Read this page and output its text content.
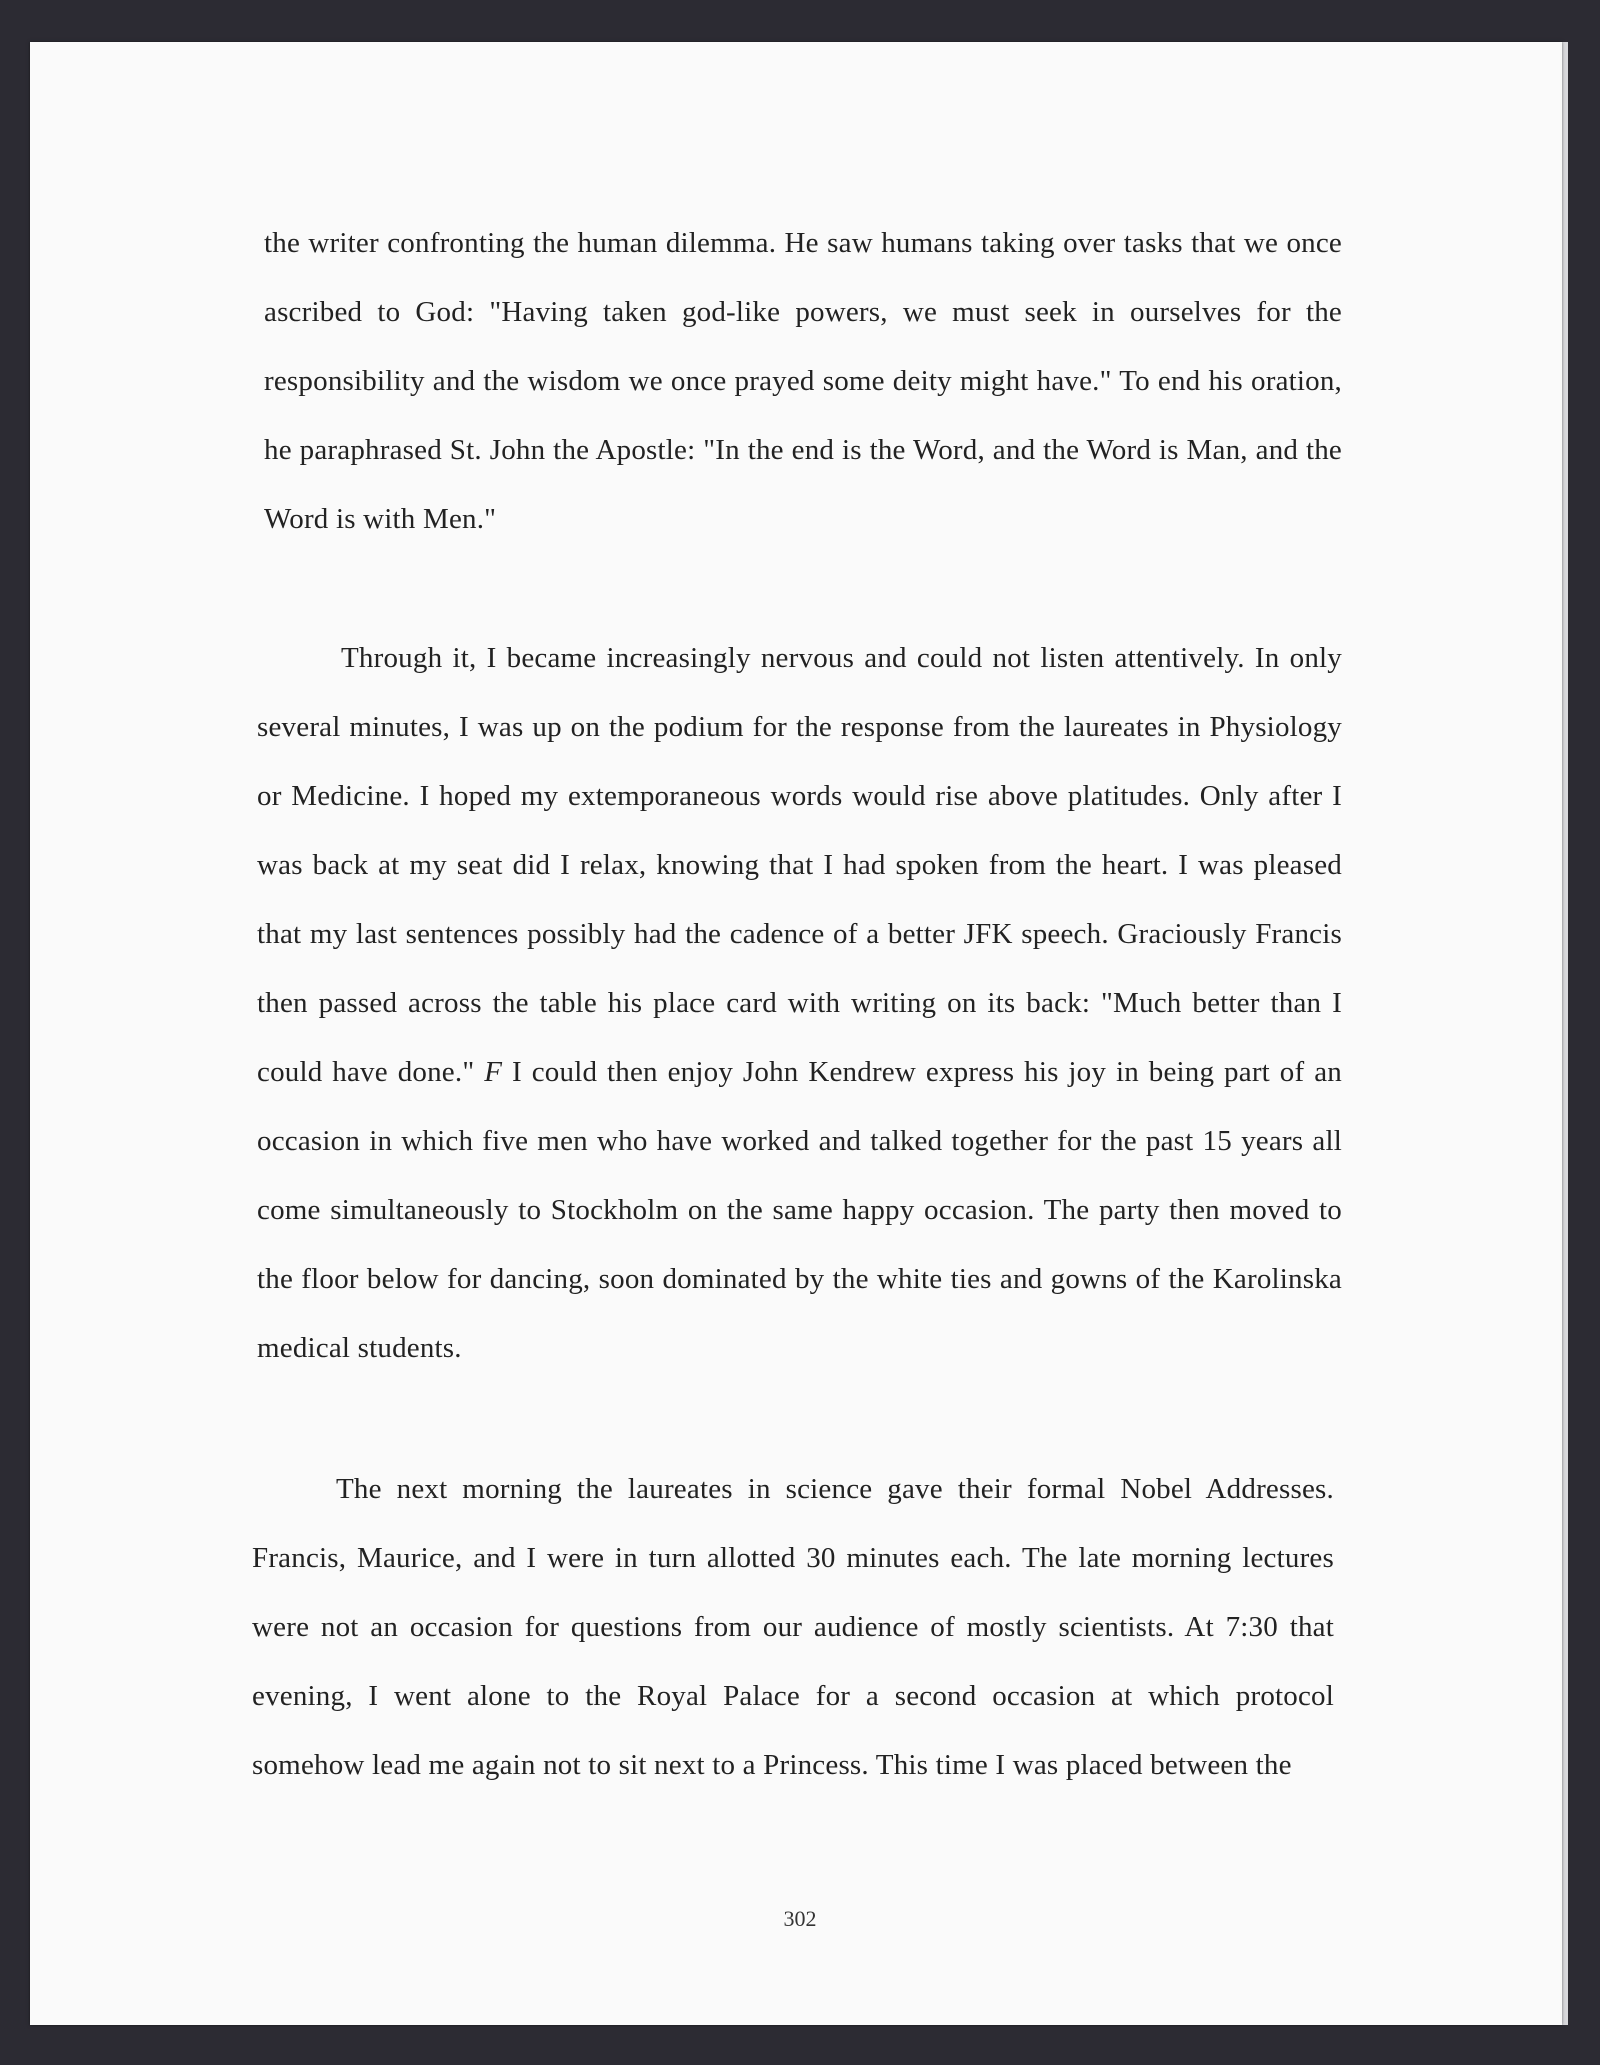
the writer confronting the human dilemma. He saw humans taking over tasks that we once ascribed to God: "Having taken god-like powers, we must seek in ourselves for the responsibility and the wisdom we once prayed some deity might have." To end his oration, he paraphrased St. John the Apostle: "In the end is the Word, and the Word is Man, and the Word is with Men."

Through it, I became increasingly nervous and could not listen attentively. In only several minutes, I was up on the podium for the response from the laureates in Physiology or Medicine. I hoped my extemporaneous words would rise above platitudes. Only after I was back at my seat did I relax, knowing that I had spoken from the heart. I was pleased that my last sentences possibly had the cadence of a better JFK speech. Graciously Francis then passed across the table his place card with writing on its back: "Much better than I could have done." F I could then enjoy John Kendrew express his joy in being part of an occasion in which five men who have worked and talked together for the past 15 years all come simultaneously to Stockholm on the same happy occasion. The party then moved to the floor below for dancing, soon dominated by the white ties and gowns of the Karolinska medical students.

The next morning the laureates in science gave their formal Nobel Addresses. Francis, Maurice, and I were in turn allotted 30 minutes each. The late morning lectures were not an occasion for questions from our audience of mostly scientists. At 7:30 that evening, I went alone to the Royal Palace for a second occasion at which protocol somehow lead me again not to sit next to a Princess. This time I was placed between the

302
